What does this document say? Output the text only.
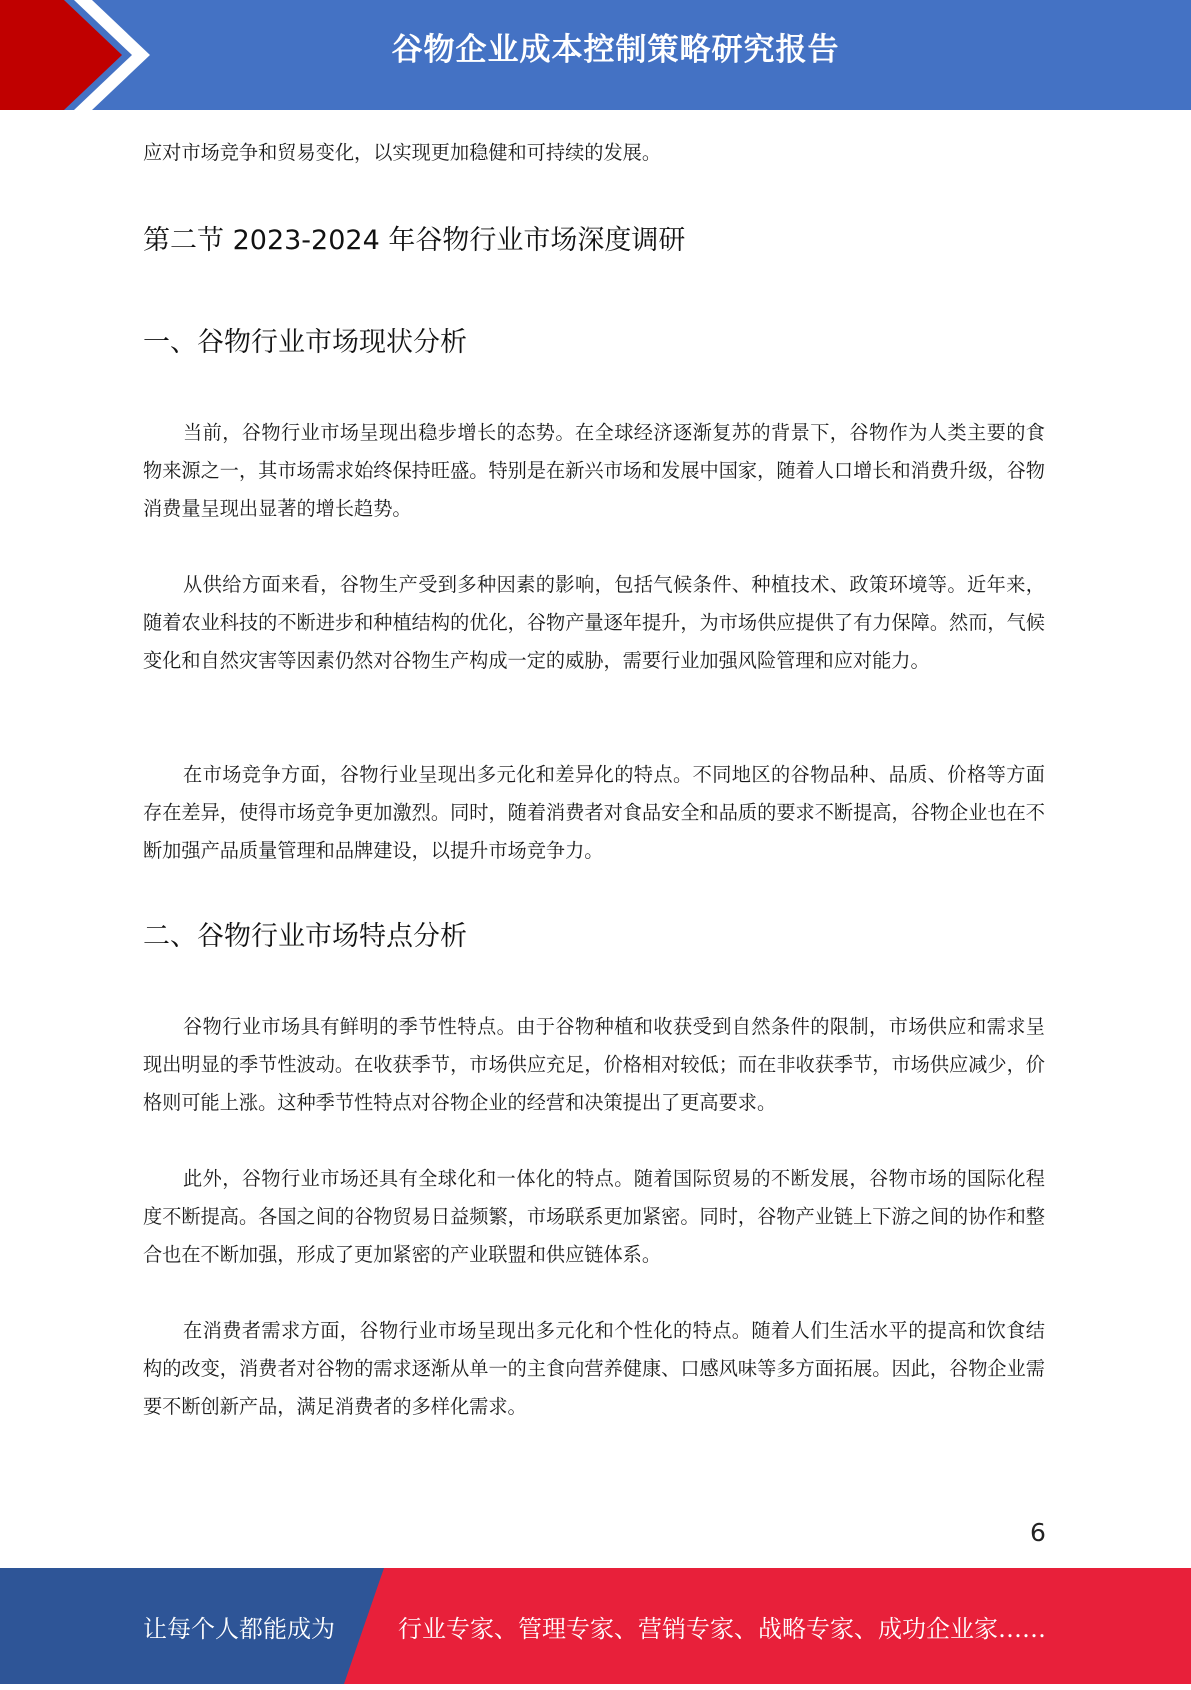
谷物企业成本控制策略研究报告

应对市场竞争和贸易变化，以实现更加稳健和可持续的发展。

第二节 2023-2024 年谷物行业市场深度调研
一、谷物行业市场现状分析

当前，谷物行业市场呈现出稳步增长的态势。在全球经济逐渐复苏的背景下，谷物作为人类主要的食物来源之一，其市场需求始终保持旺盛。特别是在新兴市场和发展中国家，随着人口增长和消费升级，谷物消费量呈现出显著的增长趋势。

从供给方面来看，谷物生产受到多种因素的影响，包括气候条件、种植技术、政策环境等。近年来，随着农业科技的不断进步和种植结构的优化，谷物产量逐年提升，为市场供应提供了有力保障。然而，气候变化和自然灾害等因素仍然对谷物生产构成一定的威胁，需要行业加强风险管理和应对能力。

在市场竞争方面，谷物行业呈现出多元化和差异化的特点。不同地区的谷物品种、品质、价格等方面存在差异，使得市场竞争更加激烈。同时，随着消费者对食品安全和品质的要求不断提高，谷物企业也在不断加强产品质量管理和品牌建设，以提升市场竞争力。

二、谷物行业市场特点分析

谷物行业市场具有鲜明的季节性特点。由于谷物种植和收获受到自然条件的限制，市场供应和需求呈现出明显的季节性波动。在收获季节，市场供应充足，价格相对较低；而在非收获季节，市场供应减少，价格则可能上涨。这种季节性特点对谷物企业的经营和决策提出了更高要求。

此外，谷物行业市场还具有全球化和一体化的特点。随着国际贸易的不断发展，谷物市场的国际化程度不断提高。各国之间的谷物贸易日益频繁，市场联系更加紧密。同时，谷物产业链上下游之间的协作和整合也在不断加强，形成了更加紧密的产业联盟和供应链体系。

在消费者需求方面，谷物行业市场呈现出多元化和个性化的特点。随着人们生活水平的提高和饮食结构的改变，消费者对谷物的需求逐渐从单一的主食向营养健康、口感风味等多方面拓展。因此，谷物企业需要不断创新产品，满足消费者的多样化需求。

6
让每个人都能成为	行业专家、管理专家、营销专家、战略专家、成功企业家……
